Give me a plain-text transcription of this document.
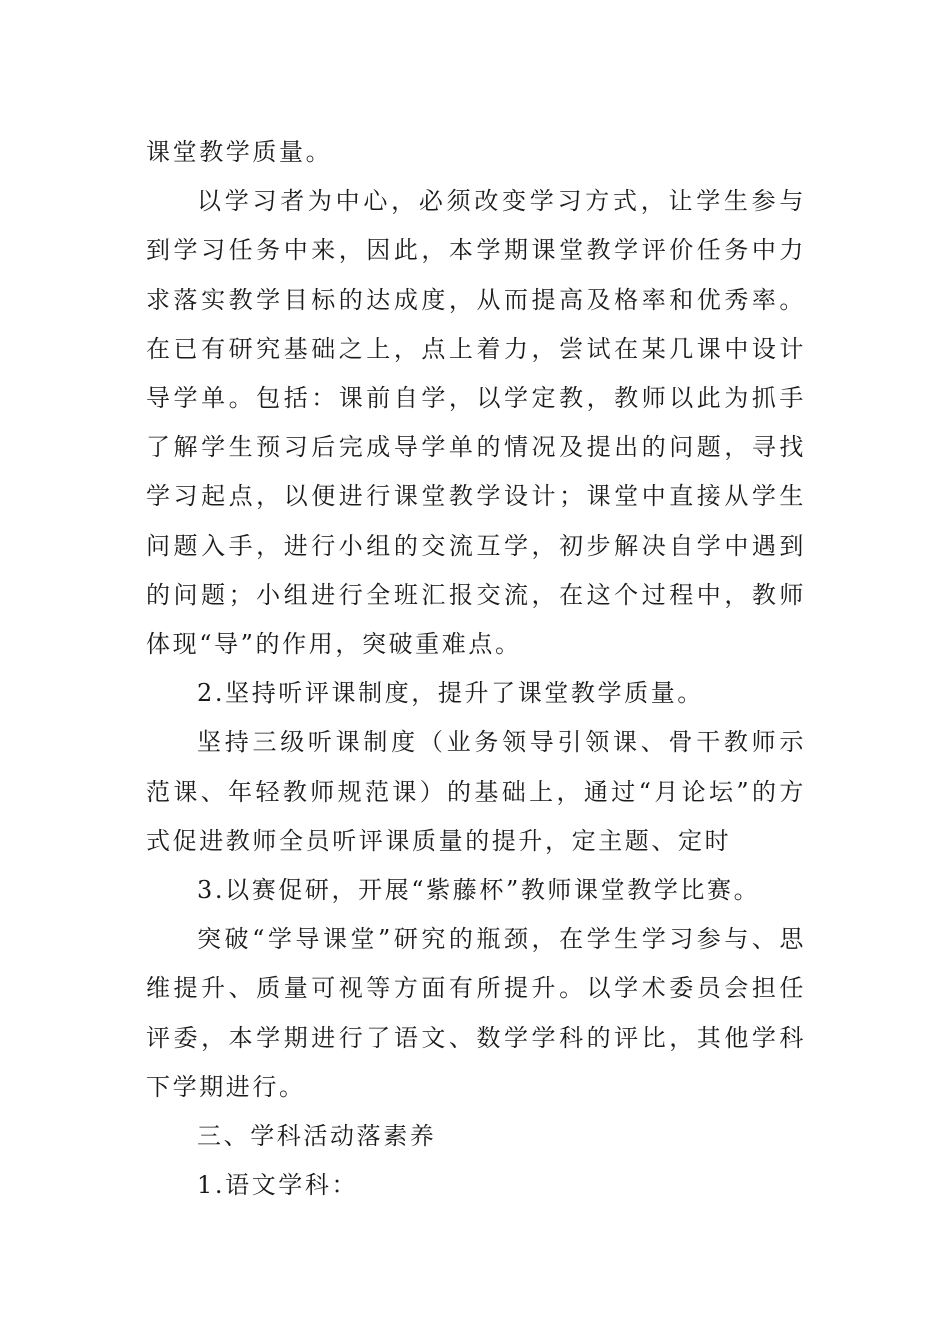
课堂教学质量。

以学习者为中心，必须改变学习方式，让学生参与到学习任务中来，因此，本学期课堂教学评价任务中力求落实教学目标的达成度，从而提高及格率和优秀率。在已有研究基础之上，点上着力，尝试在某几课中设计导学单。包括：课前自学，以学定教，教师以此为抓手了解学生预习后完成导学单的情况及提出的问题，寻找学习起点，以便进行课堂教学设计；课堂中直接从学生问题入手，进行小组的交流互学，初步解决自学中遇到的问题；小组进行全班汇报交流，在这个过程中，教师体现“导”的作用，突破重难点。

2.坚持听评课制度，提升了课堂教学质量。

坚持三级听课制度（业务领导引领课、骨干教师示范课、年轻教师规范课）的基础上，通过“月论坛”的方式促进教师全员听评课质量的提升，定主题、定时

3.以赛促研，开展“紫藤杯”教师课堂教学比赛。

突破“学导课堂”研究的瓶颈，在学生学习参与、思维提升、质量可视等方面有所提升。以学术委员会担任评委，本学期进行了语文、数学学科的评比，其他学科下学期进行。

三、学科活动落素养

1.语文学科：
